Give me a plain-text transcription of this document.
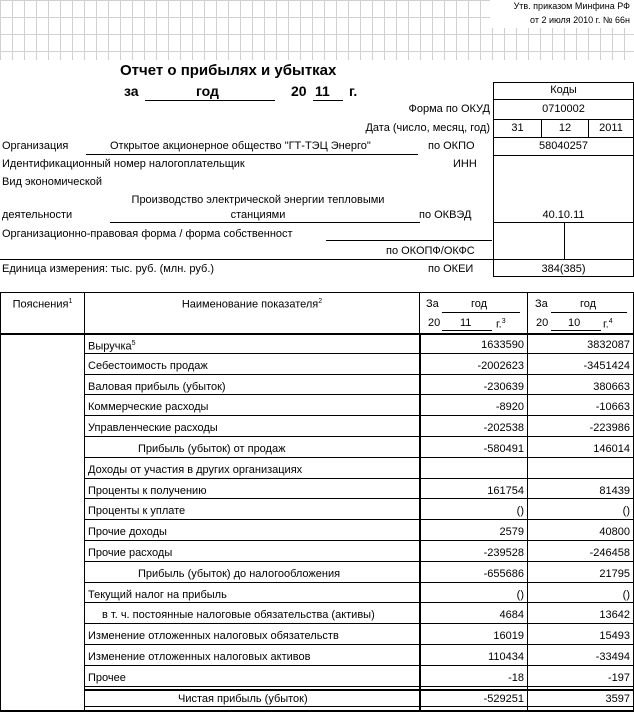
Утв. приказом Минфина РФ
от 2 июля 2010 г. № 66н
Отчет о прибылях и убытках
за	год	20 11 г.	Коды
Форма по ОКУД	0710002
Дата (число, месяц, год)	31	12	2011
Организация	Открытое акционерное общество "ГТ-ТЭЦ Энерго"	по ОКПО	58040257
Идентификационный номер налогоплательщик	ИНН
Вид экономической
деятельности
Производство электрической энергии тепловыми
станциями	по ОКВЭД	40.10.11
Организационно-правовая форма / форма собственност
по ОКОПФ/ОКФС
Единица измерения: тыс. руб. (млн. руб.)	по ОКЕИ	384(385)
Пояснения$^1$	Наименование показателя$^2$	За	год
20 11 г.$^3$
За	год
20 10 г.$^4$
Выручка$^5$	1633590	3832087
Себестоимость продаж	-2002623	-3451424
Валовая прибыль (убыток)	-230639	380663
Коммерческие расходы	-8920	-10663
Управленческие расходы	-202538	-223986
Прибыль (убыток) от продаж	-580491	146014
Доходы от участия в других организациях
Проценты к получению	161754	81439
Проценты к уплате	()	()
Прочие доходы	2579	40800
Прочие расходы	-239528	-246458
Прибыль (убыток) до налогообложения	-655686	21795
Текущий налог на прибыль	()	()
в т. ч. постоянные налоговые обязательства (активы)	4684	13642
Изменение отложенных налоговых обязательств	16019	15493
Изменение отложенных налоговых активов	110434	-33494
Прочее	-18	-197
Чистая прибыль (убыток)	-529251	3597
